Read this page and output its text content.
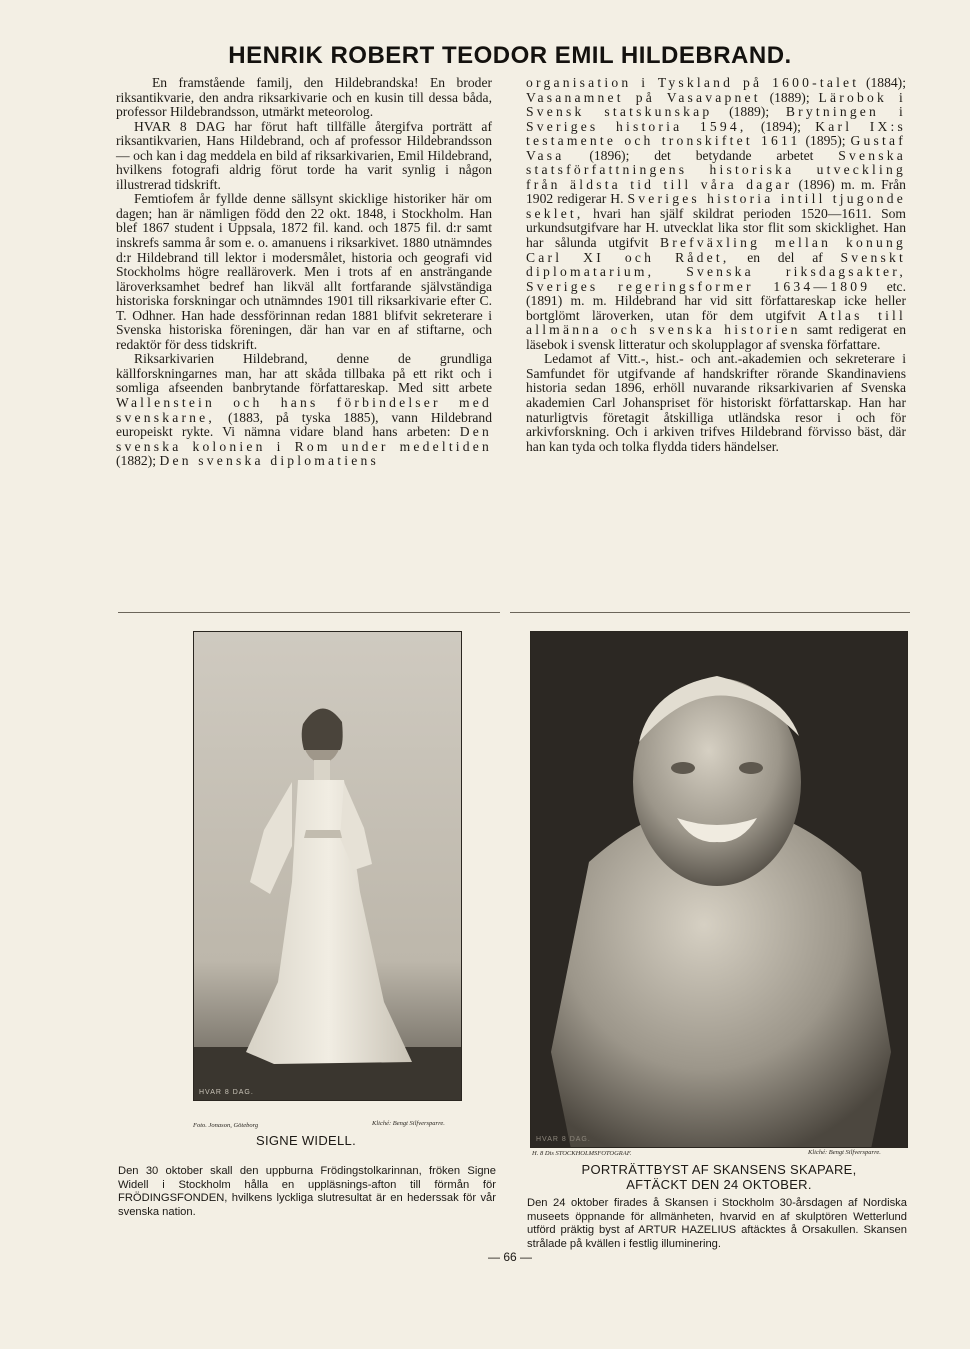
HENRIK ROBERT TEODOR EMIL HILDEBRAND.

En framstående familj, den Hildebrandska! En broder riksantikvarie, den andra riksarkivarie och en kusin till dessa båda, professor Hildebrandsson, utmärkt meteorolog.

HVAR 8 DAG har förut haft tillfälle återgifva porträtt af riksantikvarien, Hans Hildebrand, och af professor Hildebrandsson — och kan i dag meddela en bild af riksarkivarien, Emil Hildebrand, hvilkens fotografi aldrig förut torde ha varit synlig i någon illustrerad tidskrift.

Femtiofem år fyllde denne sällsynt skicklige historiker här om dagen; han är nämligen född den 22 okt. 1848, i Stockholm. Han blef 1867 student i Uppsala, 1872 fil. kand. och 1875 fil. d:r samt inskrefs samma år som e. o. amanuens i riksarkivet. 1880 utnämndes d:r Hildebrand till lektor i modersmålet, historia och geografi vid Stockholms högre realläroverk. Men i trots af en ansträngande läroverksamhet bedref han likväl allt fortfarande självständiga historiska forskningar och utnämndes 1901 till riksarkivarie efter C. T. Odhner. Han hade dessförinnan redan 1881 blifvit sekreterare i Svenska historiska föreningen, där han var en af stiftarne, och redaktör för dess tidskrift.

Riksarkivarien Hildebrand, denne de grundliga källforskningarnes man, har att skåda tillbaka på ett rikt och i somliga afseenden banbrytande författareskap. Med sitt arbete Wallenstein och hans förbindelser med svenskarne, (1883, på tyska 1885), vann Hildebrand europeiskt rykte. Vi nämna vidare bland hans arbeten: Den svenska kolonien i Rom under medeltiden (1882); Den svenska diplomatiens

organisation i Tyskland på 1600-talet (1884); Vasanamnet på Vasavapnet (1889); Lärobok i Svensk statskunskap (1889); Brytningen i Sveriges historia 1594, (1894); Karl IX:s testamente och tronskiftet 1611 (1895); Gustaf Vasa (1896); det betydande arbetet Svenska statsförfattningens historiska utveckling från äldsta tid till våra dagar (1896) m. m. Från 1902 redigerar H. Sveriges historia intill tjugonde seklet, hvari han själf skildrat perioden 1520—1611. Som urkundsutgifvare har H. utvecklat lika stor flit som skicklighet. Han har sålunda utgifvit Brefväxling mellan konung Carl XI och Rådet, en del af Svenskt diplomatarium, Svenska riksdagsakter, Sveriges regeringsformer 1634—1809 etc. (1891) m. m. Hildebrand har vid sitt författareskap icke heller bortglömt läroverken, utan för dem utgifvit Atlas till allmänna och svenska historien samt redigerat en läsebok i svensk litteratur och skolupplagor af svenska författare.

Ledamot af Vitt.-, hist.- och ant.-akademien och sekreterare i Samfundet för utgifvande af handskrifter rörande Skandinaviens historia sedan 1896, erhöll nuvarande riksarkivarien af Svenska akademien Carl Johanspriset för historiskt författarskap. Han har naturligtvis företagit åtskilliga utländska resor i och för arkivforskning. Och i arkiven trifves Hildebrand förvisso bäst, där han kan tyda och tolka flydda tiders händelser.

HVAR 8 DAG.
Foto. Jonason, Göteborg	Kliché: Bengt Silfversparre.
SIGNE WIDELL.

Den 30 oktober skall den uppburna Frödingstolkarinnan, fröken Signe Widell i Stockholm hålla en uppläsnings-afton till förmån för FRÖDINGSFONDEN, hvilkens lyckliga slutresultat är en hederssak för vår svenska nation.

HVAR 8 DAG.
H. 8 Dis STOCKHOLMSFOTOGRAF.	Kliché: Bengt Silfversparre.
PORTRÄTTBYST AF SKANSENS SKAPARE,
AFTÄCKT DEN 24 OKTOBER.

Den 24 oktober firades å Skansen i Stockholm 30-årsdagen af Nordiska museets öppnande för allmänheten, hvarvid en af skulptören Wetterlund utförd präktig byst af ARTUR HAZELIUS aftäcktes å Orsakullen. Skansen strålade på kvällen i festlig illuminering.

— 66 —
